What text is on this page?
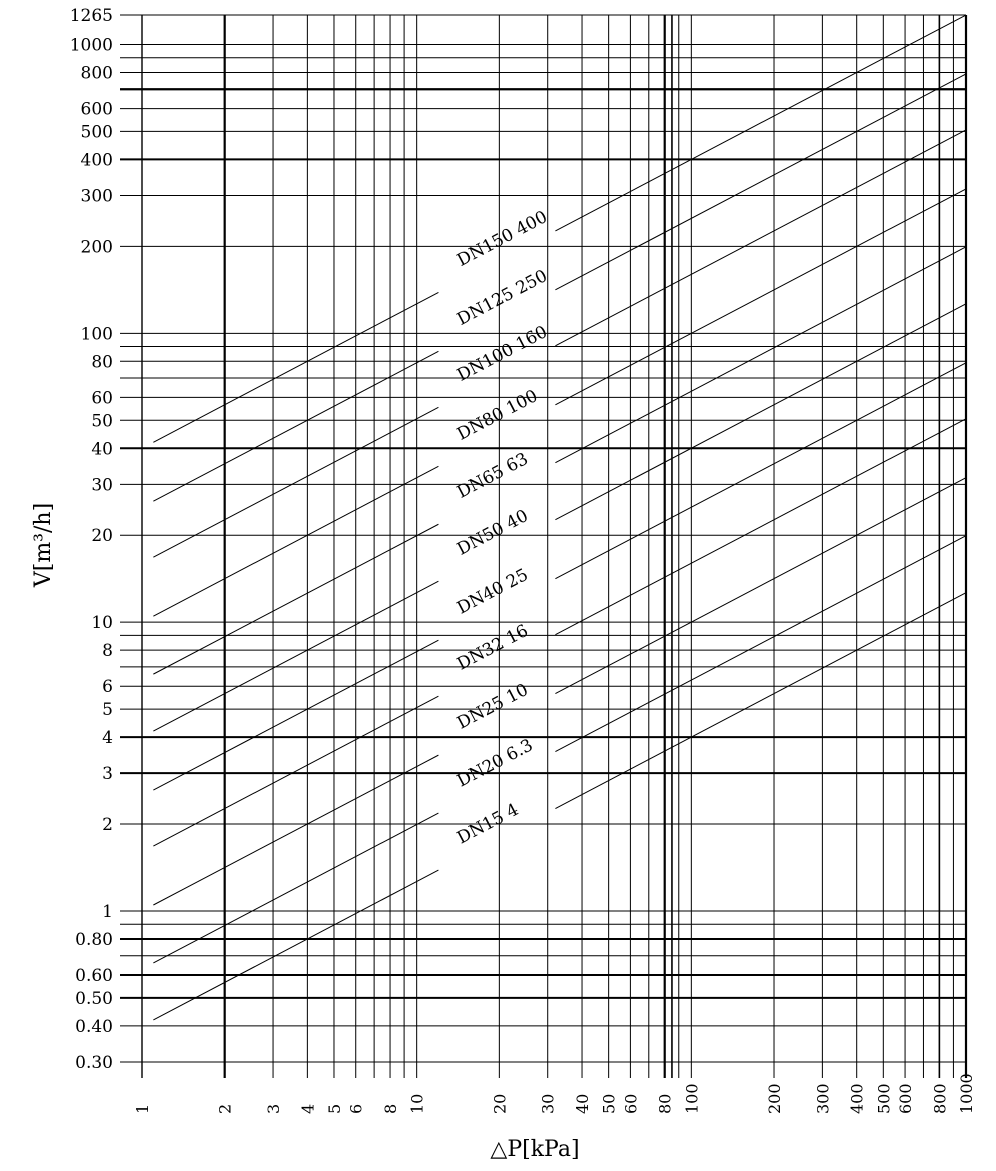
DN150 400
DN125 250
DN100 160
DN80 100
DN65 63
DN50 40
DN40 25
DN32 16
DN25 10
DN20 6.3
DN15 4
1265
1000
800
600
500
400
300
200
100
80
60
50
40
30
20
10
8
6
5
4
3
2
1
0.80
0.60
0.50
0.40
0.30
1	2 3 4 5 6 8 10	20 30 40 50 60 80 100	200 300 400 500 600 800 1000
V[m³/h]
△P[kPa]
